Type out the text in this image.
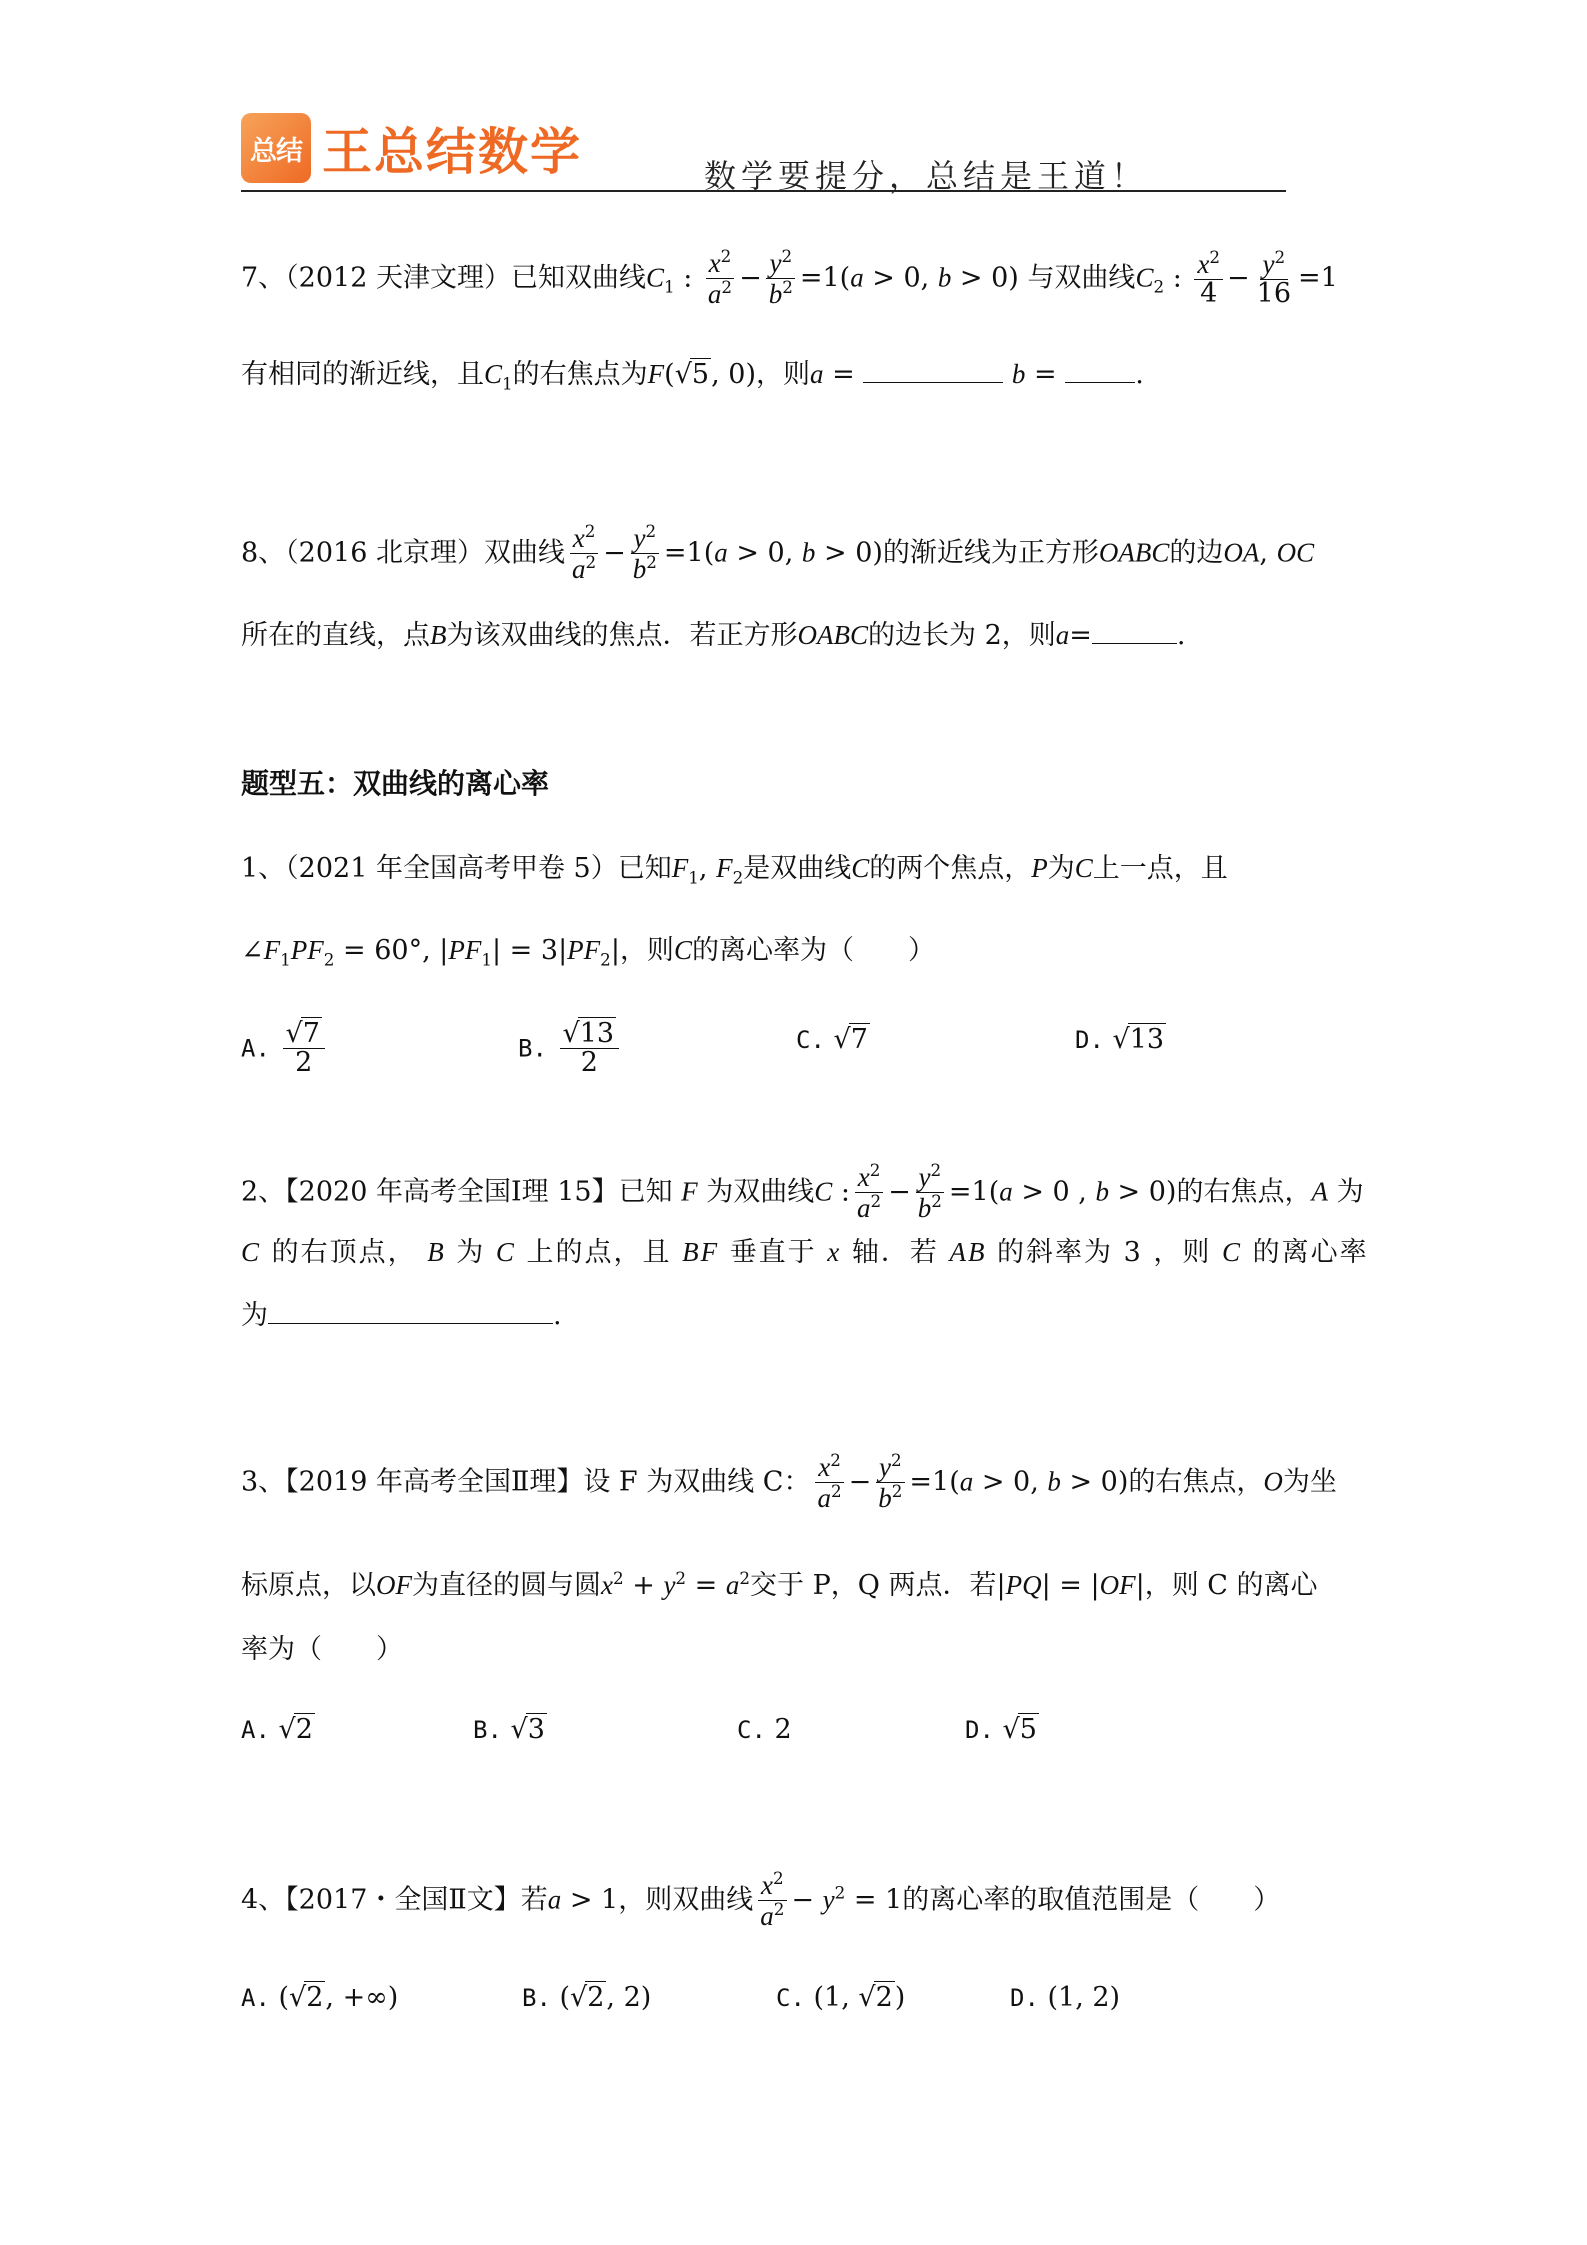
总结 王总结数学	数学要提分，总结是王道！
7、（2012 天津文理）已知双曲线$C_1$ : $\frac{x^2}{a^2} - \frac{y^2}{b^2} =1(a > 0$, b > 0) 与双曲线$C_2$ : $\frac{x^2}{4} - \frac{y^2}{16} =1$
有相同的渐近线，且$C_1$的右焦点为F(√5, 0)，则a =	b =	.
8、（2016 北京理）双曲线 $\frac{x^2}{a^2} - \frac{y^2}{b^2} =1(a > 0$, b > 0)的渐近线为正方形OABC的边OA, OC
所在的直线，点B为该双曲线的焦点．若正方形OABC的边长为 2，则a=	.
题型五：双曲线的离心率
1、（2021 年全国高考甲卷 5）已知$F_1$, $F_2$是双曲线C的两个焦点，P为C上一点，且
$\angle F_1PF_2 = 60^\circ$, $|PF_1| = 3|PF_2|$，则C的离心率为（　　）
A. $\frac{√7}{2}$	B. $\frac{√13}{2}$	C. √7	D. √13
2、【2020 年高考全国Ⅰ理 15】已知 F 为双曲线C : $\frac{x^2}{a^2} - \frac{y^2}{b^2} =1(a > 0$ , b > 0)的右焦点，A 为
C 的右顶点， B 为 C 上的点，且 BF 垂直于 x 轴．若 AB 的斜率为 3 ，则 C 的离心率
为	.
3、【2019 年高考全国Ⅱ理】设 F 为双曲线 C： $\frac{x^2}{a^2} - \frac{y^2}{b^2} =1(a > 0$, b > 0)的右焦点，O为坐
标原点，以OF为直径的圆与圆$x^2 + y^2 = a^2$交于 P，Q 两点．若|PQ| = |OF|，则 C 的离心
率为（　　）
A. √2	B. √3	C. 2	D. √5
4、【2017・全国Ⅱ文】若a > 1，则双曲线 $\frac{x^2}{a^2} - y^2 = 1$的离心率的取值范围是（　　）
A. (√2, +∞)	B. (√2, 2)	C. (1, √2)	D. (1, 2)
